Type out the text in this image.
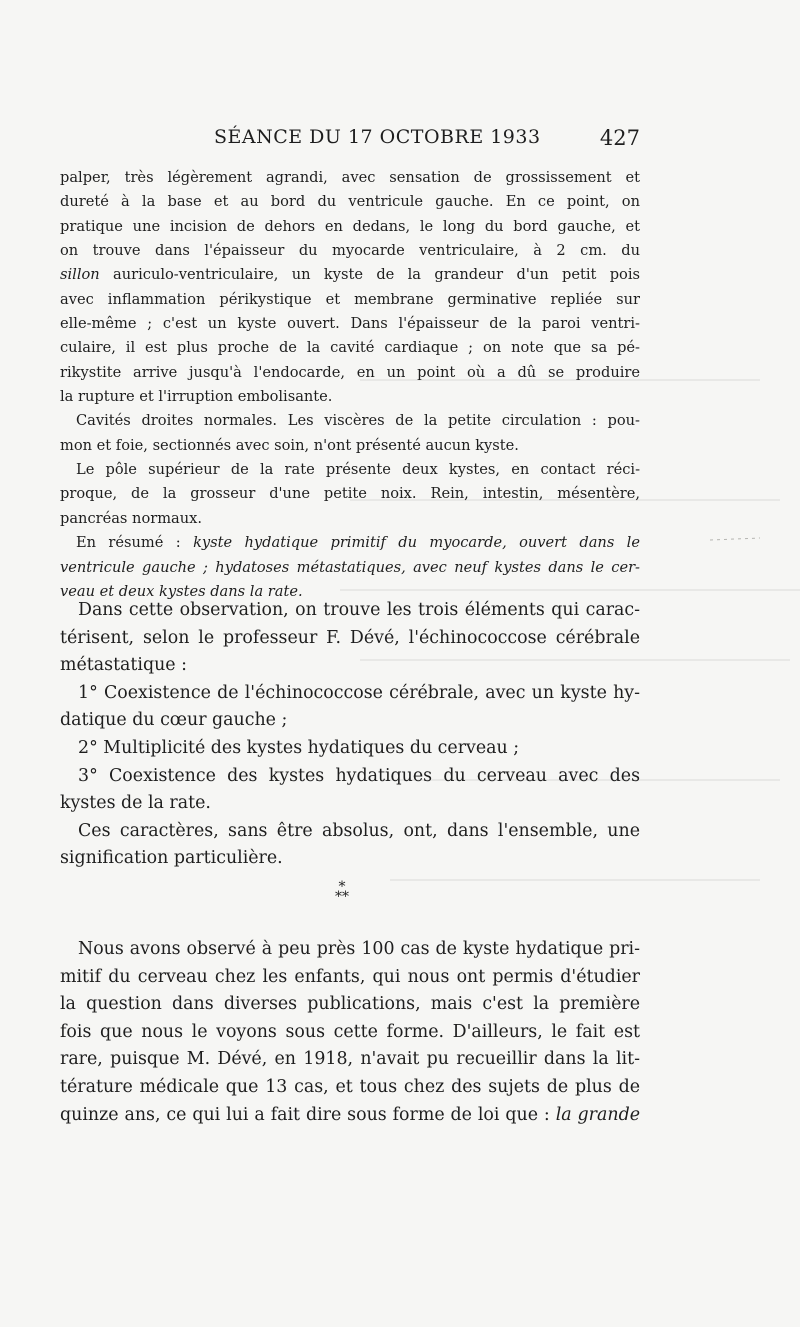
SÉANCE DU 17 OCTOBRE 1933	427
palper, très légèrement agrandi, avec sensation de grossissement et
dureté à la base et au bord du ventricule gauche. En ce point, on
pratique une incision de dehors en dedans, le long du bord gauche, et
on trouve dans l'épaisseur du myocarde ventriculaire, à 2 cm. du
sillon auriculo-ventriculaire, un kyste de la grandeur d'un petit pois
avec inflammation périkystique et membrane germinative repliée sur
elle-même ; c'est un kyste ouvert. Dans l'épaisseur de la paroi ventri-
culaire, il est plus proche de la cavité cardiaque ; on note que sa pé-
rikystite arrive jusqu'à l'endocarde, en un point où a dû se produire
la rupture et l'irruption embolisante.
Cavités droites normales. Les viscères de la petite circulation : pou-
mon et foie, sectionnés avec soin, n'ont présenté aucun kyste.
Le pôle supérieur de la rate présente deux kystes, en contact réci-
proque, de la grosseur d'une petite noix. Rein, intestin, mésentère,
pancréas normaux.
En résumé : kyste hydatique primitif du myocarde, ouvert dans le
ventricule gauche ; hydatoses métastatiques, avec neuf kystes dans le cer-
veau et deux kystes dans la rate.
Dans cette observation, on trouve les trois éléments qui carac-
térisent, selon le professeur F. Dévé, l'échinococcose cérébrale
métastatique :
1° Coexistence de l'échinococcose cérébrale, avec un kyste hy-
datique du cœur gauche ;
2° Multiplicité des kystes hydatiques du cerveau ;
3° Coexistence des kystes hydatiques du cerveau avec des
kystes de la rate.
Ces caractères, sans être absolus, ont, dans l'ensemble, une
signification particulière.
*
**
Nous avons observé à peu près 100 cas de kyste hydatique pri-
mitif du cerveau chez les enfants, qui nous ont permis d'étudier
la question dans diverses publications, mais c'est la première
fois que nous le voyons sous cette forme. D'ailleurs, le fait est
rare, puisque M. Dévé, en 1918, n'avait pu recueillir dans la lit-
térature médicale que 13 cas, et tous chez des sujets de plus de
quinze ans, ce qui lui a fait dire sous forme de loi que : la grande
